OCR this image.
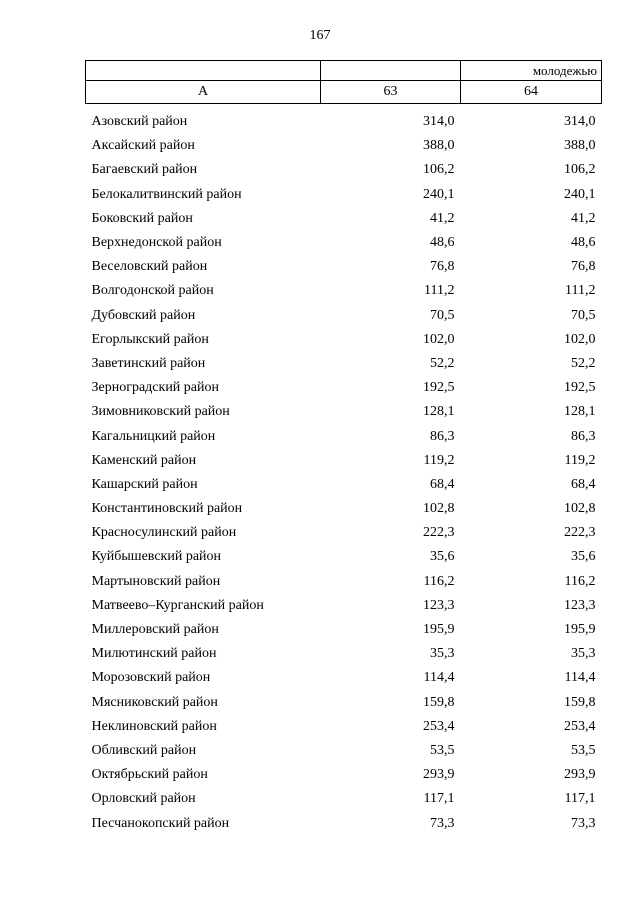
167
		молодежью
А	63	64

Азовский район	314,0	314,0
Аксайский район	388,0	388,0
Багаевский район	106,2	106,2
Белокалитвинский район	240,1	240,1
Боковский район	41,2	41,2
Верхнедонской район	48,6	48,6
Веселовский район	76,8	76,8
Волгодонской район	111,2	111,2
Дубовский район	70,5	70,5
Егорлыкский район	102,0	102,0
Заветинский район	52,2	52,2
Зерноградский район	192,5	192,5
Зимовниковский район	128,1	128,1
Кагальницкий район	86,3	86,3
Каменский район	119,2	119,2
Кашарский район	68,4	68,4
Константиновский район	102,8	102,8
Красносулинский район	222,3	222,3
Куйбышевский район	35,6	35,6
Мартыновский район	116,2	116,2
Матвеево–Курганский район	123,3	123,3
Миллеровский район	195,9	195,9
Милютинский район	35,3	35,3
Морозовский район	114,4	114,4
Мясниковский район	159,8	159,8
Неклиновский район	253,4	253,4
Обливский район	53,5	53,5
Октябрьский район	293,9	293,9
Орловский район	117,1	117,1
Песчанокопский район	73,3	73,3
